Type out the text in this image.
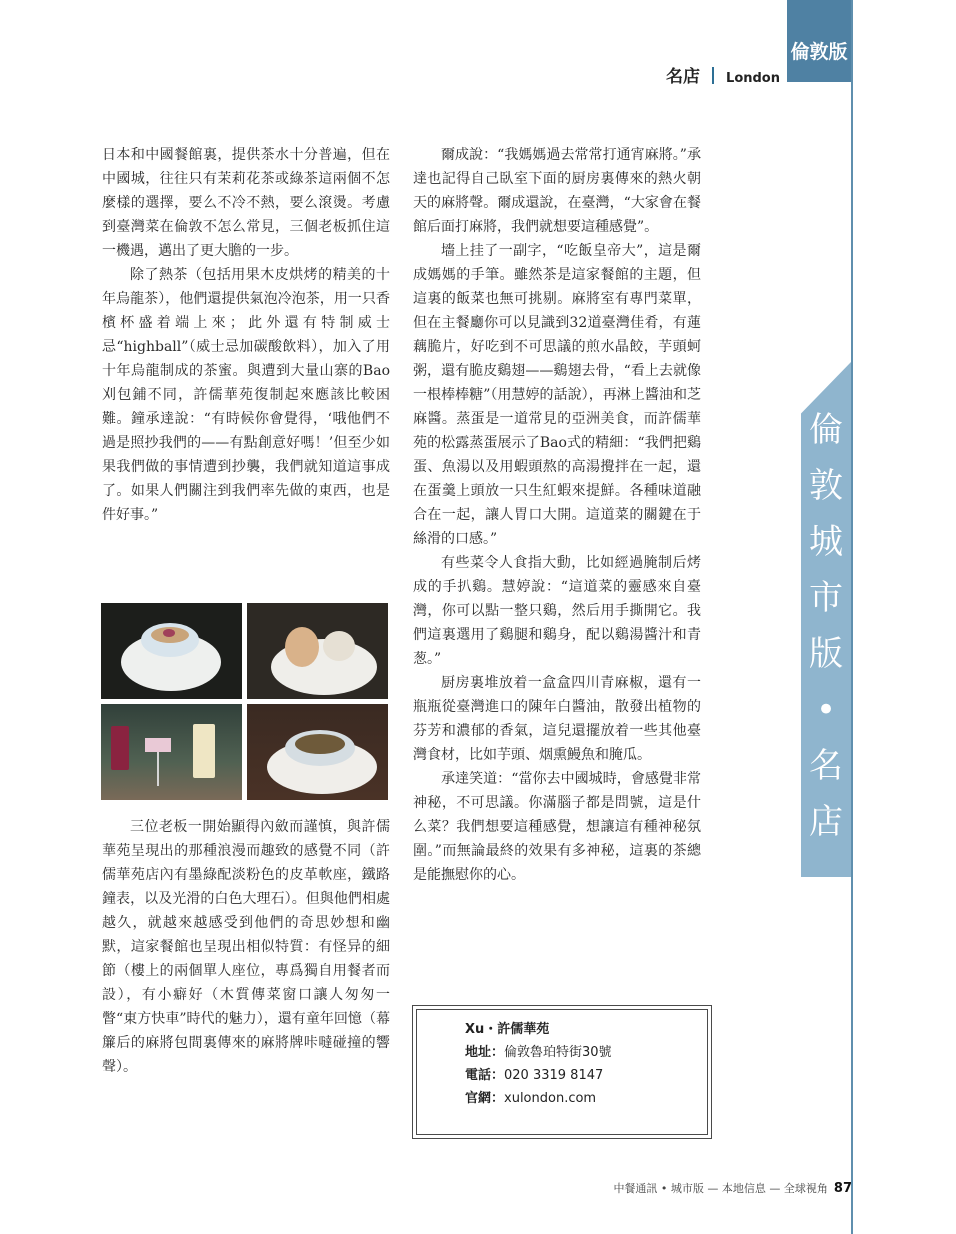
倫敦版
名店 London
倫
敦
城
市
版
•
名
店

日本和中國餐館裏，提供茶水十分普遍，但在中國城，往往只有茉莉花茶或綠茶這兩個不怎麼樣的選擇，要么不冷不熱，要么滾燙。考慮到臺灣菜在倫敦不怎么常見，三個老板抓住這一機遇，邁出了更大膽的一步。

除了熱茶（包括用果木皮烘烤的精美的十年烏龍茶），他們還提供氣泡冷泡茶，用一只香檳杯盛着端上來；此外還有特制威士忌“highball”（威士忌加碳酸飲料），加入了用十年烏龍制成的茶蜜。與遭到大量山寨的Bao刈包鋪不同，許儒華苑復制起來應該比較困難。鐘承達說：“有時候你會覺得，‘哦他們不過是照抄我們的——有點創意好嗎！’但至少如果我們做的事情遭到抄襲，我們就知道這事成了。如果人們關注到我們率先做的東西，也是件好事。”

三位老板一開始顯得內斂而謹慎，與許儒華苑呈現出的那種浪漫而趣致的感覺不同（許儒華苑店內有墨綠配淡粉色的皮革軟座，鐵路鐘表，以及光滑的白色大理石）。但與他們相處越久，就越來越感受到他們的奇思妙想和幽默，這家餐館也呈現出相似特質：有怪异的細節（樓上的兩個單人座位，專爲獨自用餐者而設），有小癖好（木質傳菜窗口讓人匆匆一瞥“東方快車”時代的魅力），還有童年回憶（幕簾后的麻將包間裏傳來的麻將牌咔噠碰撞的響聲）。

爾成說：“我媽媽過去常常打通宵麻將。”承達也記得自己臥室下面的厨房裏傳來的熱火朝天的麻將聲。爾成還說，在臺灣，“大家會在餐館后面打麻將，我們就想要這種感覺”。

墻上挂了一副字，“吃飯皇帝大”，這是爾成媽媽的手筆。雖然茶是這家餐館的主題，但這裏的飯菜也無可挑剔。麻將室有專門菜單，但在主餐廳你可以見識到32道臺灣佳肴，有蓮藕脆片，好吃到不可思議的煎水晶餃，芋頭蚵粥，還有脆皮鷄翅——鷄翅去骨，“看上去就像一根棒棒糖”（用慧婷的話說），再淋上醬油和芝麻醬。蒸蛋是一道常見的亞洲美食，而許儒華苑的松露蒸蛋展示了Bao式的精細：“我們把鷄蛋、魚湯以及用蝦頭熬的高湯攪拌在一起，還在蛋羹上頭放一只生紅蝦來提鮮。各種味道融合在一起，讓人胃口大開。這道菜的關鍵在于絲滑的口感。”

有些菜令人食指大動，比如經過腌制后烤成的手扒鷄。慧婷說：“這道菜的靈感來自臺灣，你可以點一整只鷄，然后用手撕開它。我們這裏選用了鷄腿和鷄身，配以鷄湯醬汁和青葱。”

厨房裏堆放着一盒盒四川青麻椒，還有一瓶瓶從臺灣進口的陳年白醬油，散發出植物的芬芳和濃郁的香氣，這兒還擺放着一些其他臺灣食材，比如芋頭、烟熏鰻魚和腌瓜。

承達笑道：“當你去中國城時，會感覺非常神秘，不可思議。你滿腦子都是問號，這是什么菜？我們想要這種感覺，想讓這有種神秘氛圍。”而無論最終的效果有多神秘，這裏的茶總是能撫慰你的心。

Xu・許儒華苑
地址：倫敦魯珀特街30號
電話：020 3319 8147
官網：xulondon.com
中餐通訊 • 城市版 — 本地信息 — 全球視角 87
